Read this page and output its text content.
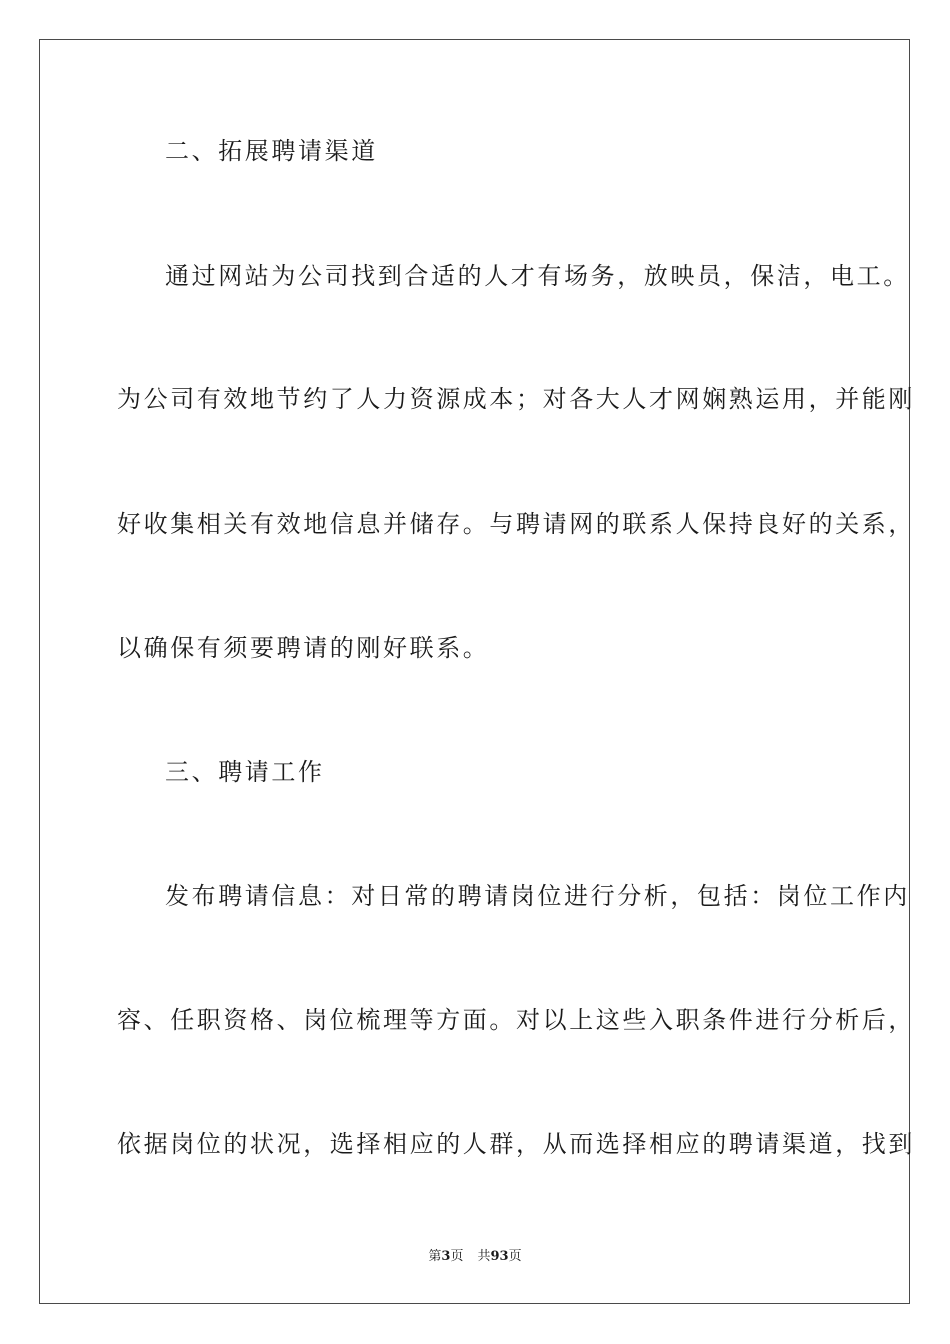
二、拓展聘请渠道
通过网站为公司找到合适的人才有场务，放映员，保洁，电工。
为公司有效地节约了人力资源成本；对各大人才网娴熟运用，并能刚
好收集相关有效地信息并储存。与聘请网的联系人保持良好的关系，
以确保有须要聘请的刚好联系。
三、聘请工作
发布聘请信息：对日常的聘请岗位进行分析，包括：岗位工作内
容、任职资格、岗位梳理等方面。对以上这些入职条件进行分析后，
依据岗位的状况，选择相应的人群，从而选择相应的聘请渠道，找到
第3页 共93页
